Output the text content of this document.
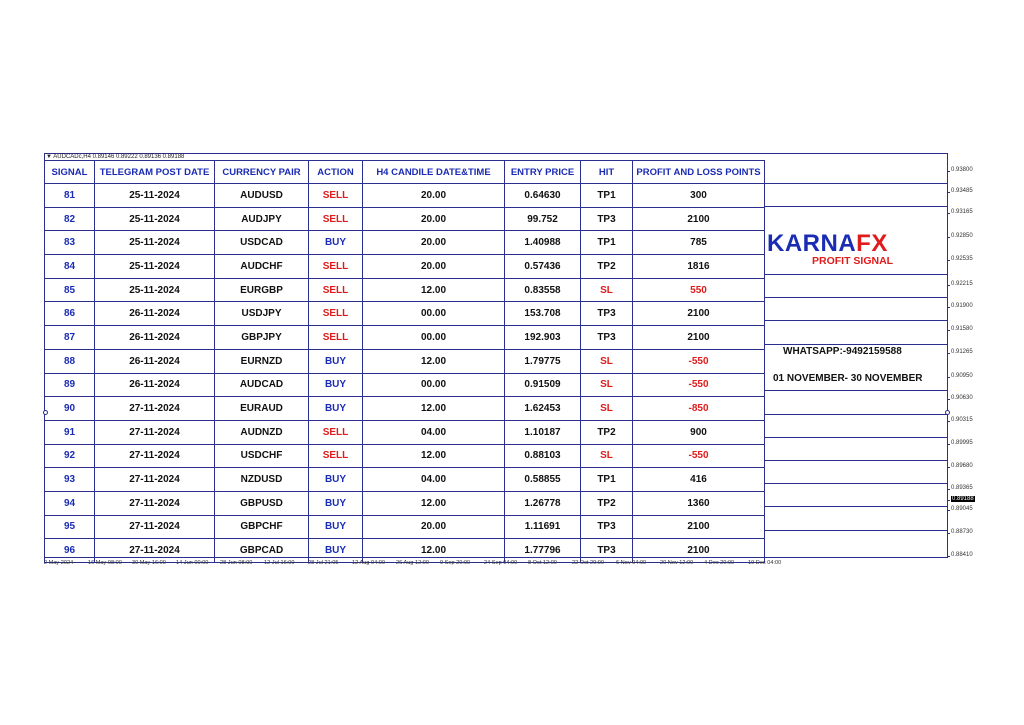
▼ AUDCADc,H4 0.89146 0.89222 0.89136 0.89188
SIGNAL	TELEGRAM POST DATE	CURRENCY PAIR	ACTION	H4 CANDILE DATE&TIME	ENTRY PRICE	HIT	PROFIT AND LOSS POINTS
81	25-11-2024	AUDUSD	SELL	20.00	0.64630	TP1	300
82	25-11-2024	AUDJPY	SELL	20.00	99.752	TP3	2100
83	25-11-2024	USDCAD	BUY	20.00	1.40988	TP1	785
84	25-11-2024	AUDCHF	SELL	20.00	0.57436	TP2	1816
85	25-11-2024	EURGBP	SELL	12.00	0.83558	SL	550
86	26-11-2024	USDJPY	SELL	00.00	153.708	TP3	2100
87	26-11-2024	GBPJPY	SELL	00.00	192.903	TP3	2100
88	26-11-2024	EURNZD	BUY	12.00	1.79775	SL	-550
89	26-11-2024	AUDCAD	BUY	00.00	0.91509	SL	-550
90	27-11-2024	EURAUD	BUY	12.00	1.62453	SL	-850
91	27-11-2024	AUDNZD	SELL	04.00	1.10187	TP2	900
92	27-11-2024	USDCHF	SELL	12.00	0.88103	SL	-550
93	27-11-2024	NZDUSD	BUY	04.00	0.58855	TP1	416
94	27-11-2024	GBPUSD	BUY	12.00	1.26778	TP2	1360
95	27-11-2024	GBPCHF	BUY	20.00	1.11691	TP3	2100
96	27-11-2024	GBPCAD	BUY	12.00	1.77796	TP3	2100
KARNAFX
PROFIT SIGNAL
WHATSAPP:-9492159588
01 NOVEMBER- 30 NOVEMBER
0.93800
0.93485
0.93165
0.92850
0.92535
0.92215
0.91900
0.91580
0.91265
0.90950
0.90630
0.90315
0.89995
0.89680
0.89365
0.89188
0.89045
0.88730
0.88410
2 May 2024	16 May 08:00 30 May 16:00 14 Jun 00:00 28 Jun 08:00 12 Jul 16:00 28 Jul 21:05 12 Aug 04:00 26 Aug 12:00 9 Sep 20:00 24 Sep 04:00 8 Oct 12:00	22 Oct 20:00 6 Nov 04:00 20 Nov 12:00 4 Dec 20:00 19 Dec 04:00
